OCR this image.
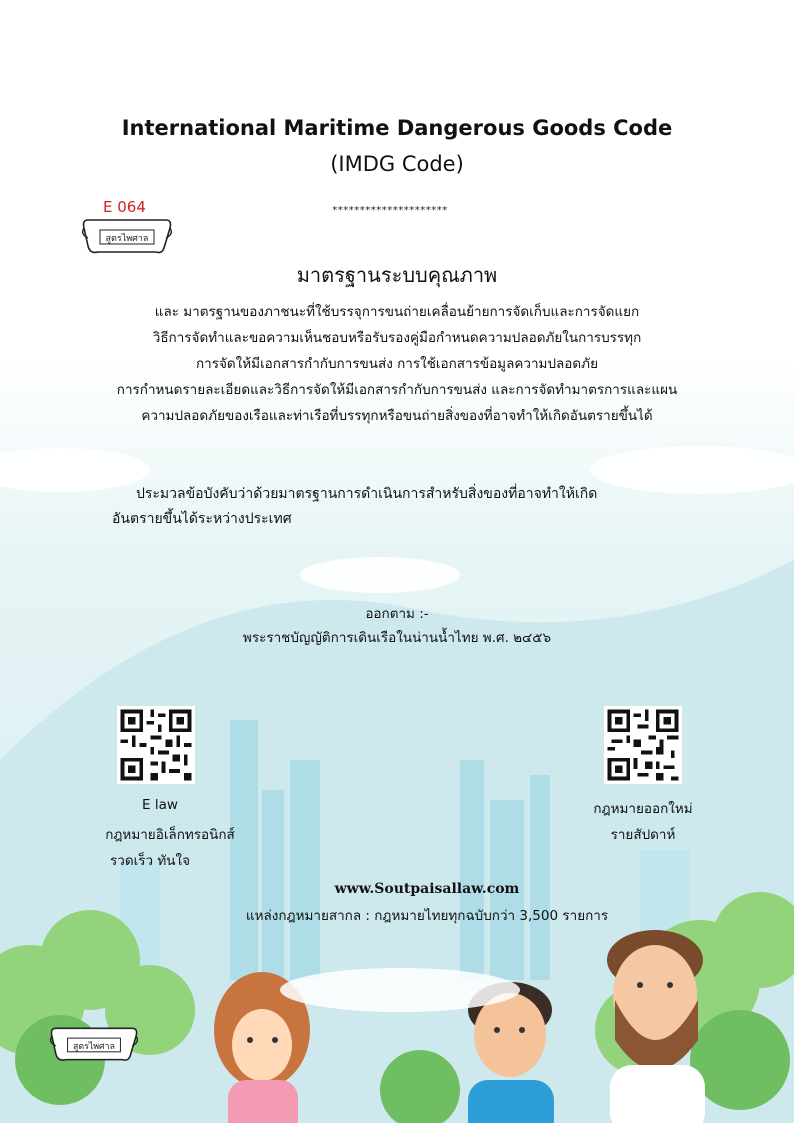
International Maritime Dangerous Goods Code
(IMDG Code)
E 064
สูตรไพศาล
*********************
มาตรฐานระบบคุณภาพ
และ มาตรฐานของภาชนะที่ใช้บรรจุการขนถ่ายเคลื่อนย้ายการจัดเก็บและการจัดแยก
วิธีการจัดทำและขอความเห็นชอบหรือรับรองคู่มือกำหนดความปลอดภัยในการบรรทุก
การจัดให้มีเอกสารกำกับการขนส่ง การใช้เอกสารข้อมูลความปลอดภัย
การกำหนดรายละเอียดและวิธีการจัดให้มีเอกสารกำกับการขนส่ง และการจัดทำมาตรการและแผน
ความปลอดภัยของเรือและท่าเรือที่บรรทุกหรือขนถ่ายสิ่งของที่อาจทำให้เกิดอันตรายขึ้นได้
ประมวลข้อบังคับว่าด้วยมาตรฐานการดำเนินการสำหรับสิ่งของที่อาจทำให้เกิด
อันตรายขึ้นได้ระหว่างประเทศ
ออกตาม :-
พระราชบัญญัติการเดินเรือในน่านน้ำไทย พ.ศ. ๒๔๕๖
E law
กฎหมายอิเล็กทรอนิกส์
รวดเร็ว ทันใจ
กฎหมายออกใหม่
รายสัปดาห์
www.Soutpaisallaw.com
แหล่งกฎหมายสากล : กฎหมายไทยทุกฉบับกว่า 3,500 รายการ
สูตรไพศาล
